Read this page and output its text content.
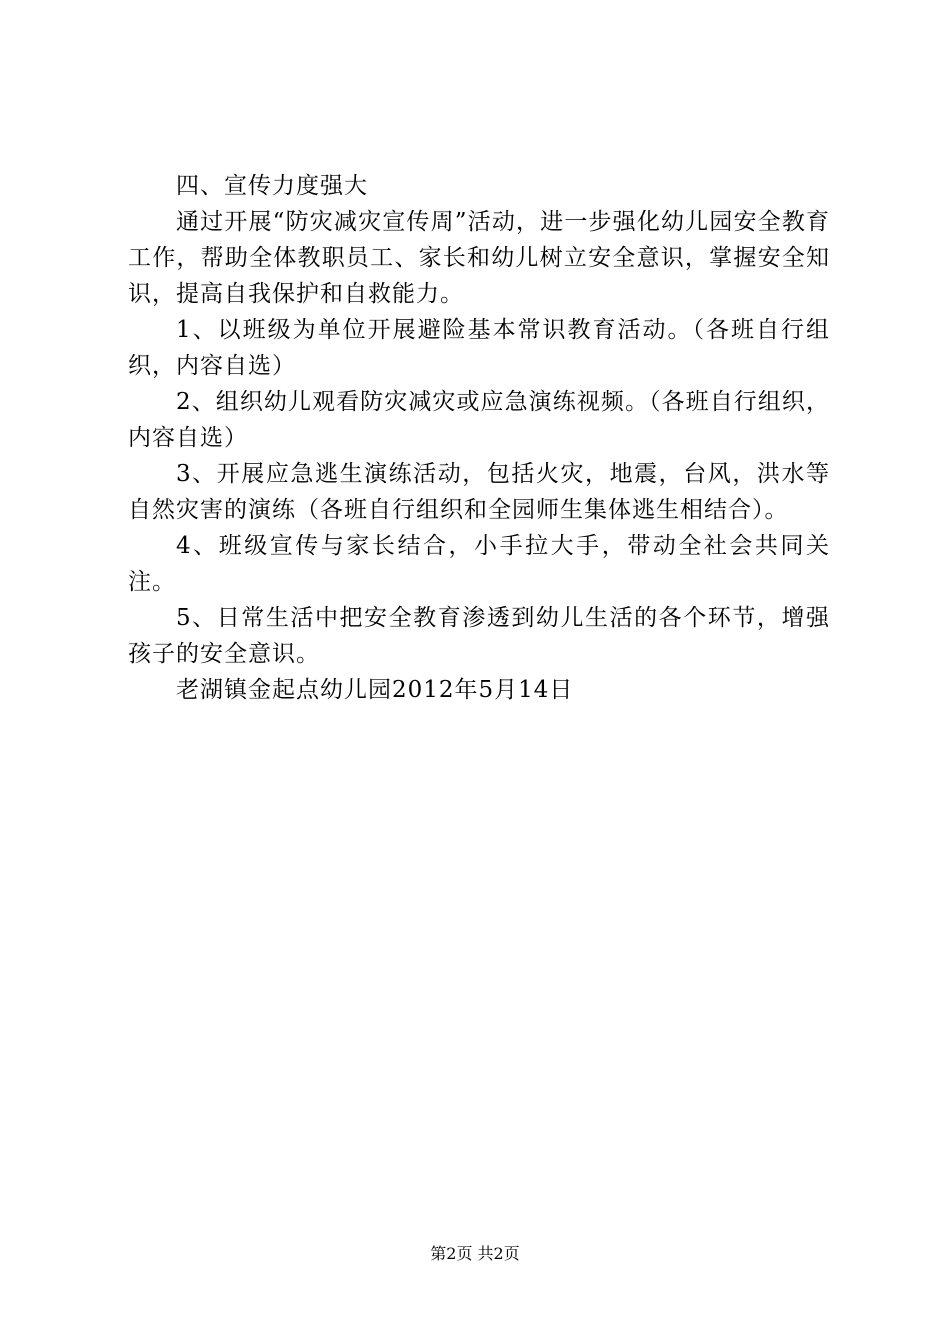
四、宣传力度强大

通过开展“防灾减灾宣传周”活动，进一步强化幼儿园安全教育工作，帮助全体教职员工、家长和幼儿树立安全意识，掌握安全知识，提高自我保护和自救能力。

1、以班级为单位开展避险基本常识教育活动。（各班自行组织，内容自选）

2、组织幼儿观看防灾减灾或应急演练视频。（各班自行组织，内容自选）

3、开展应急逃生演练活动，包括火灾，地震，台风，洪水等自然灾害的演练（各班自行组织和全园师生集体逃生相结合）。

4、班级宣传与家长结合，小手拉大手，带动全社会共同关注。

5、日常生活中把安全教育渗透到幼儿生活的各个环节，增强孩子的安全意识。

老湖镇金起点幼儿园2012年5月14日

第2页 共2页
